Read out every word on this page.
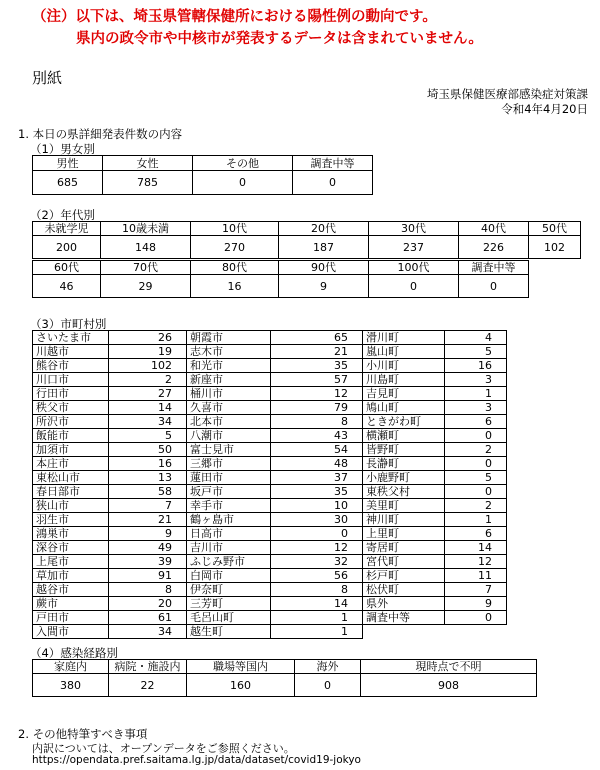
（注）以下は、埼玉県管轄保健所における陽性例の動向です。
県内の政令市や中核市が発表するデータは含まれていません。
別紙
埼玉県保健医療部感染症対策課
令和4年4月20日
1. 本日の県詳細発表件数の内容
（1）男女別
男性	女性	その他	調査中等
685	785	0	0
（2）年代別
未就学児	10歳未満	10代	20代	30代	40代	50代
200	148	270	187	237	226	102
60代	70代	80代	90代	100代	調査中等
46	29	16	9	0	0
（3）市町村別
さいたま市	26	朝霞市	65	滑川町	4
川越市	19	志木市	21	嵐山町	5
熊谷市	102	和光市	35	小川町	16
川口市	2	新座市	57	川島町	3
行田市	27	桶川市	12	吉見町	1
秩父市	14	久喜市	79	鳩山町	3
所沢市	34	北本市	8	ときがわ町	6
飯能市	5	八潮市	43	横瀬町	0
加須市	50	富士見市	54	皆野町	2
本庄市	16	三郷市	48	長瀞町	0
東松山市	13	蓮田市	37	小鹿野町	5
春日部市	58	坂戸市	35	東秩父村	0
狭山市	7	幸手市	10	美里町	2
羽生市	21	鶴ヶ島市	30	神川町	1
鴻巣市	9	日高市	0	上里町	6
深谷市	49	吉川市	12	寄居町	14
上尾市	39	ふじみ野市	32	宮代町	12
草加市	91	白岡市	56	杉戸町	11
越谷市	8	伊奈町	8	松伏町	7
蕨市	20	三芳町	14	県外	9
戸田市	61	毛呂山町	1	調査中等	0
入間市	34	越生町	1		
（4）感染経路別
家庭内	病院・施設内	職場等国内	海外	現時点で不明
380	22	160	0	908
2. その他特筆すべき事項
内訳については、オープンデータをご参照ください。
https://opendata.pref.saitama.lg.jp/data/dataset/covid19-jokyo
